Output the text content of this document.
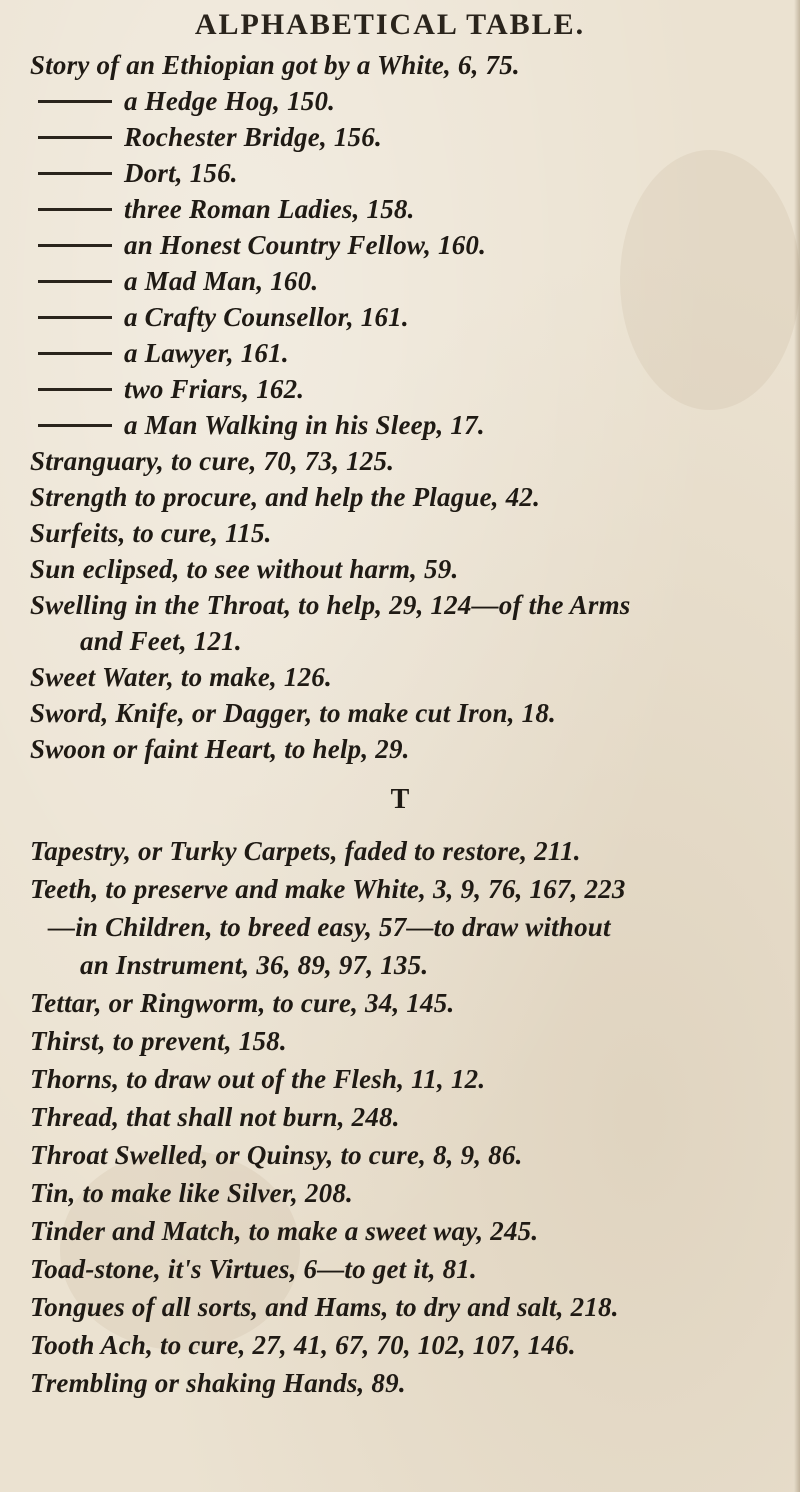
ALPHABETICAL TABLE.
Story of an Ethiopian got by a White, 6, 75.
a Hedge Hog, 150.
Rochester Bridge, 156.
Dort, 156.
three Roman Ladies, 158.
an Honest Country Fellow, 160.
a Mad Man, 160.
a Crafty Counsellor, 161.
a Lawyer, 161.
two Friars, 162.
a Man Walking in his Sleep, 17.
Stranguary, to cure, 70, 73, 125.
Strength to procure, and help the Plague, 42.
Surfeits, to cure, 115.
Sun eclipsed, to see without harm, 59.
Swelling in the Throat, to help, 29, 124—of the Arms
and Feet, 121.
Sweet Water, to make, 126.
Sword, Knife, or Dagger, to make cut Iron, 18.
Swoon or faint Heart, to help, 29.
T
Tapestry, or Turky Carpets, faded to restore, 211.
Teeth, to preserve and make White, 3, 9, 76, 167, 223
—in Children, to breed easy, 57—to draw without
an Instrument, 36, 89, 97, 135.
Tettar, or Ringworm, to cure, 34, 145.
Thirst, to prevent, 158.
Thorns, to draw out of the Flesh, 11, 12.
Thread, that shall not burn, 248.
Throat Swelled, or Quinsy, to cure, 8, 9, 86.
Tin, to make like Silver, 208.
Tinder and Match, to make a sweet way, 245.
Toad-stone, it's Virtues, 6—to get it, 81.
Tongues of all sorts, and Hams, to dry and salt, 218.
Tooth Ach, to cure, 27, 41, 67, 70, 102, 107, 146.
Trembling or shaking Hands, 89.
